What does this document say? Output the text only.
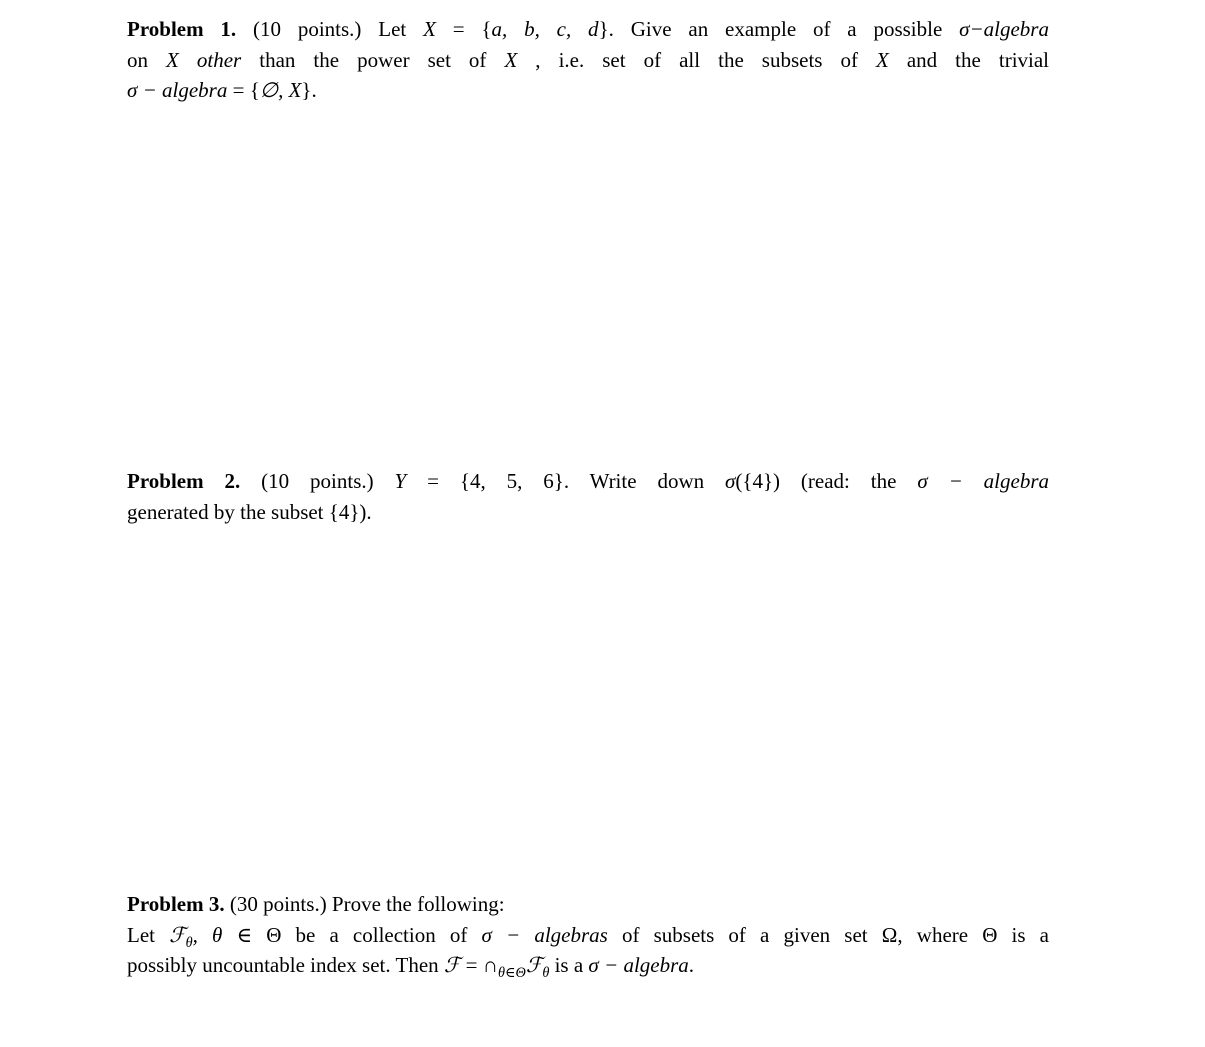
Problem 1. (10 points.) Let X = {a, b, c, d}. Give an example of a possible σ−algebra
on X other than the power set of X , i.e. set of all the subsets of X and the trivial
σ − algebra = {∅, X}.
Problem 2. (10 points.) Y = {4, 5, 6}. Write down σ({4}) (read: the σ − algebra
generated by the subset {4}).
Problem 3. (30 points.) Prove the following:
Let ℱ$_\theta$, θ ∈ Θ be a collection of σ − algebras of subsets of a given set Ω, where Θ is a
possibly uncountable index set. Then ℱ = $\cap_{\theta\in\Theta}ℱ_\theta$ is a σ − algebra.
